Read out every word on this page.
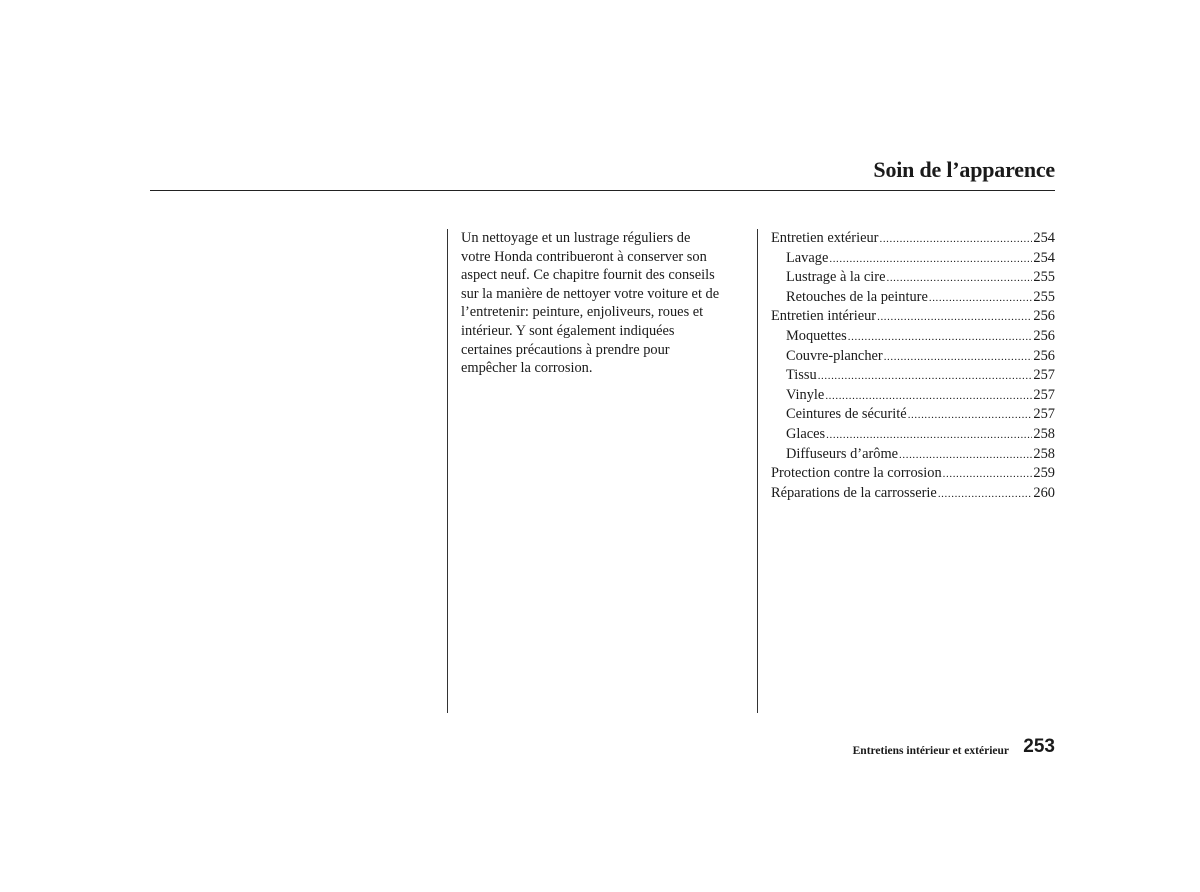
Soin de l’apparence

Un nettoyage et un lustrage réguliers de
votre Honda contribueront à conserver son
aspect neuf. Ce chapitre fournit des conseils
sur la manière de nettoyer votre voiture et de
l’entretenir: peinture, enjoliveurs, roues et
intérieur. Y sont également indiquées
certaines précautions à prendre pour
empêcher la corrosion.

Entretien extérieur .....	254
Lavage .....	254
Lustrage à la cire .....	255
Retouches de la peinture .....	255
Entretien intérieur .....	256
Moquettes .....	256
Couvre-plancher .....	256
Tissu .....	257
Vinyle .....	257
Ceintures de sécurité .....	257
Glaces .....	258
Diffuseurs d’arôme .....	258
Protection contre la corrosion .....	259
Réparations de la carrosserie .....	260
Entretiens intérieur et extérieur 253
